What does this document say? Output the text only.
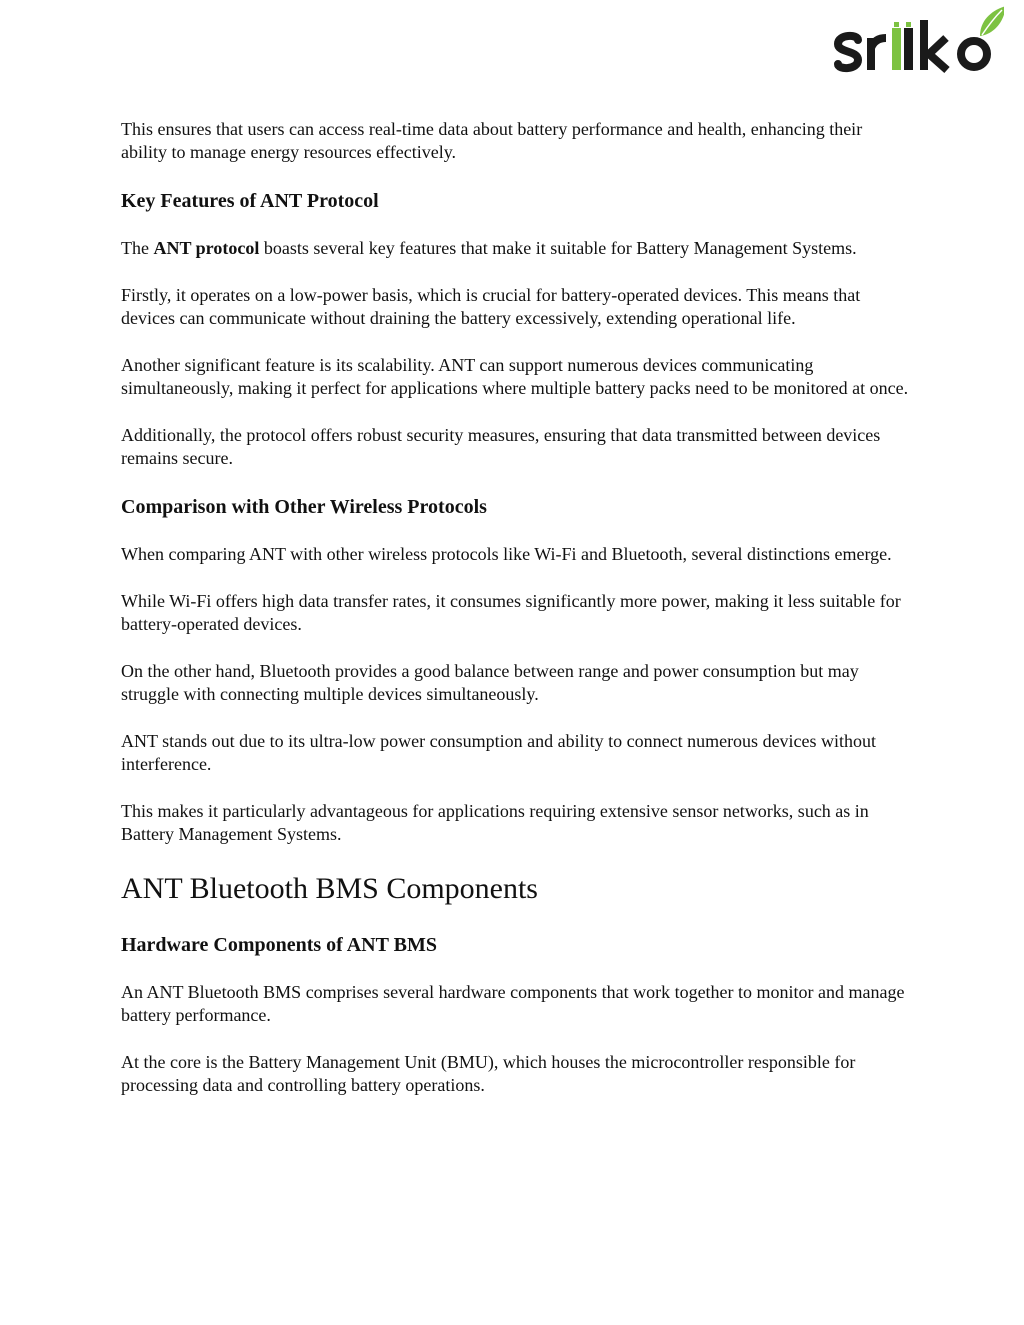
This ensures that users can access real-time data about battery performance and health, enhancing their ability to manage energy resources effectively.

Key Features of ANT Protocol

The ANT protocol boasts several key features that make it suitable for Battery Management Systems.

Firstly, it operates on a low-power basis, which is crucial for battery-operated devices. This means that devices can communicate without draining the battery excessively, extending operational life.

Another significant feature is its scalability. ANT can support numerous devices communicating simultaneously, making it perfect for applications where multiple battery packs need to be monitored at once.

Additionally, the protocol offers robust security measures, ensuring that data transmitted between devices remains secure.

Comparison with Other Wireless Protocols

When comparing ANT with other wireless protocols like Wi-Fi and Bluetooth, several distinctions emerge.

While Wi-Fi offers high data transfer rates, it consumes significantly more power, making it less suitable for battery-operated devices.

On the other hand, Bluetooth provides a good balance between range and power consumption but may struggle with connecting multiple devices simultaneously.

ANT stands out due to its ultra-low power consumption and ability to connect numerous devices without interference.

This makes it particularly advantageous for applications requiring extensive sensor networks, such as in Battery Management Systems.

ANT Bluetooth BMS Components
Hardware Components of ANT BMS

An ANT Bluetooth BMS comprises several hardware components that work together to monitor and manage battery performance.

At the core is the Battery Management Unit (BMU), which houses the microcontroller responsible for processing data and controlling battery operations.
